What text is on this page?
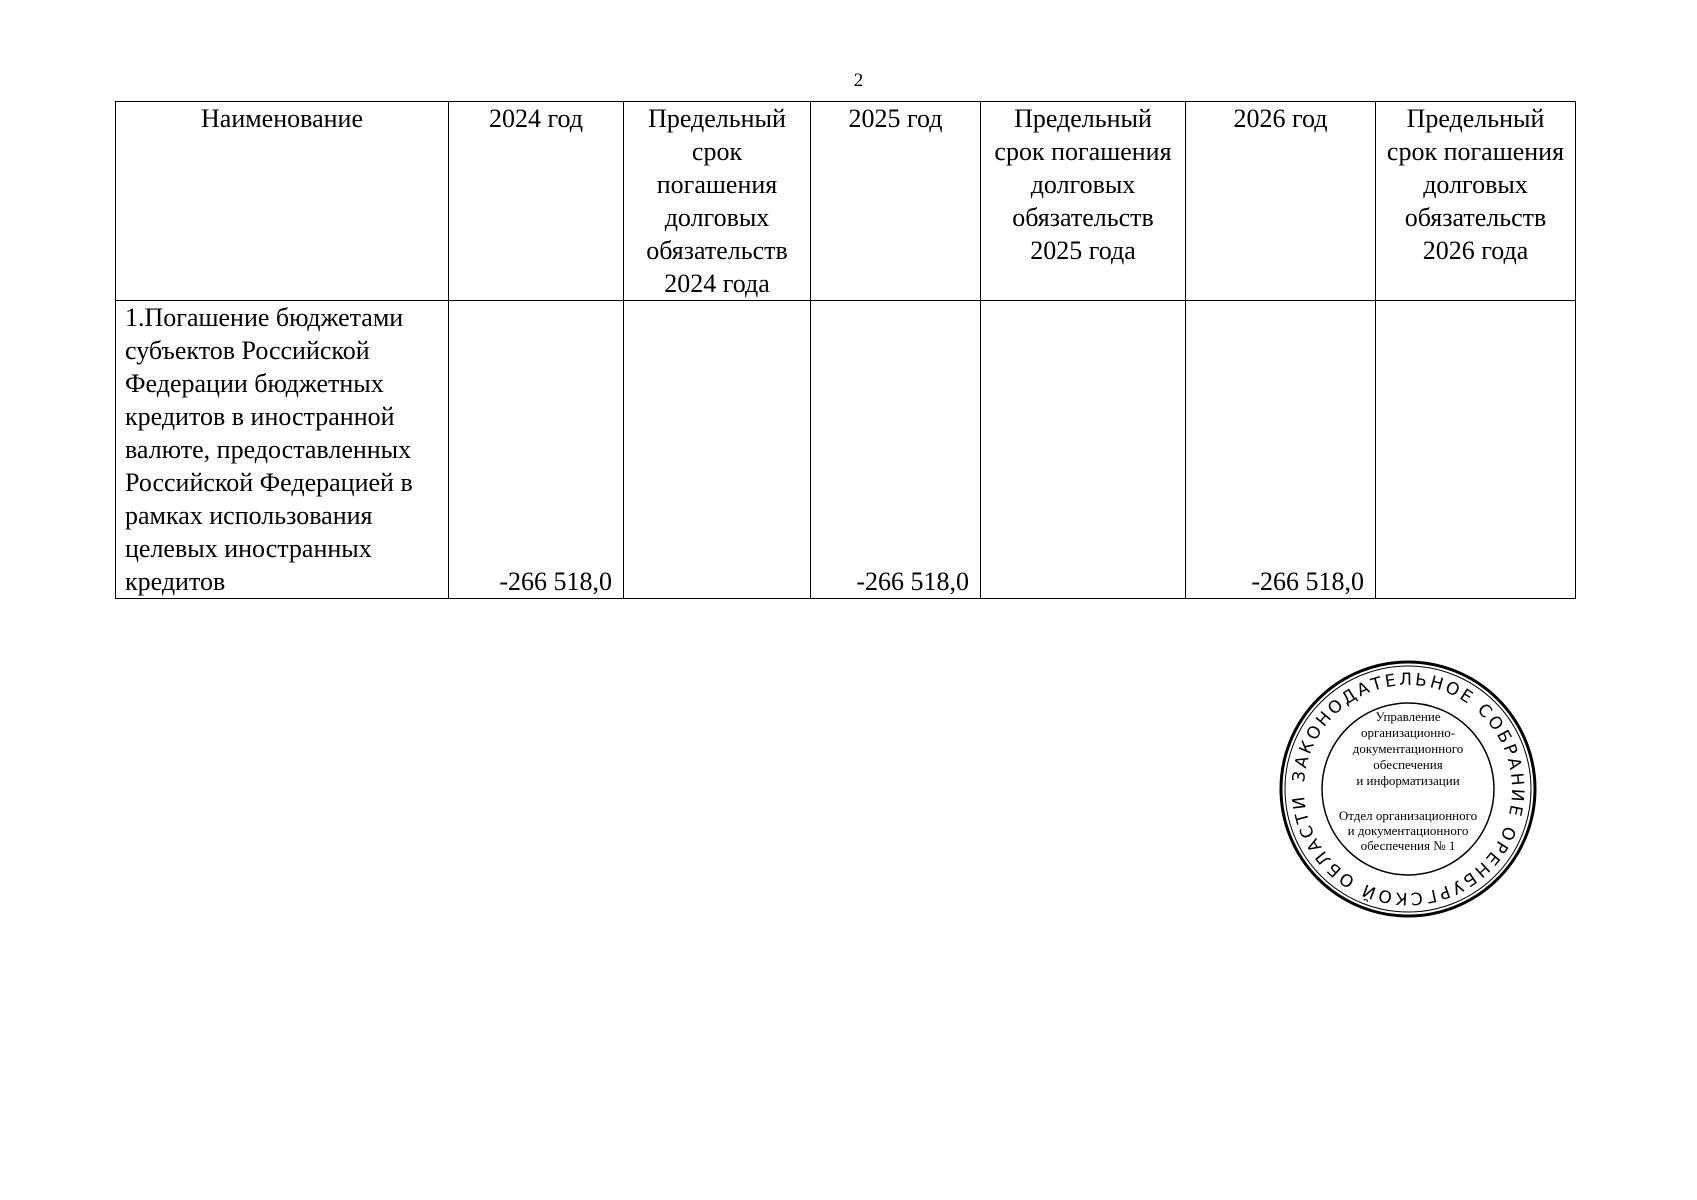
2
Наименование	2024 год	Предельный срок погашения долговых обязательств 2024 года	2025 год	Предельный срок погашения долговых обязательств 2025 года	2026 год	Предельный срок погашения долговых обязательств 2026 года
1.Погашение бюджетами субъектов Российской Федерации бюджетных кредитов в иностранной валюте, предоставленных Российской Федерацией в рамках использования целевых иностранных кредитов	-266 518,0		-266 518,0		-266 518,0	
ЗАКОНОДАТЕЛЬНОЕ СОБРАНИЕ ОРЕНБУРГСКОЙ ОБЛАСТИ
Управление
организационно-
документационного
обеспечения
и информатизации
Отдел организационного
и документационного
обеспечения № 1
